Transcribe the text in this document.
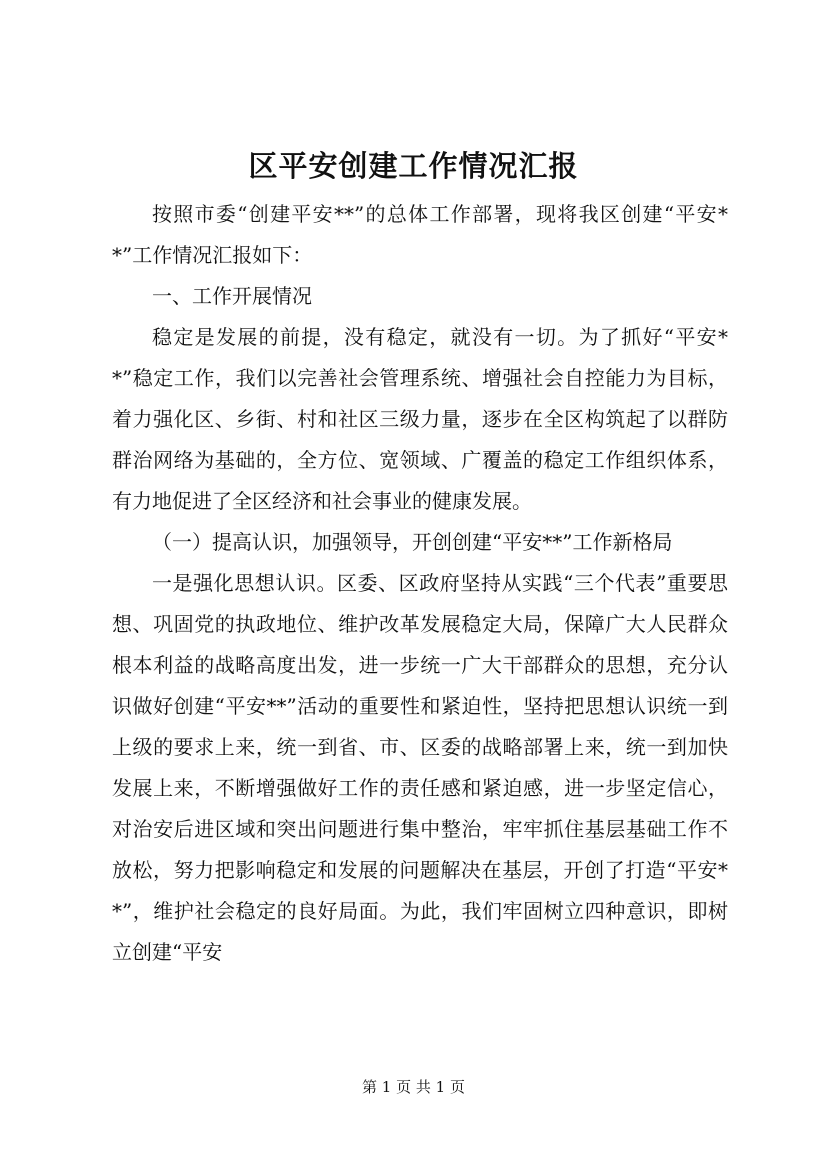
区平安创建工作情况汇报

按照市委“创建平安**”的总体工作部署，现将我区创建“平安**”工作情况汇报如下：

一、工作开展情况

稳定是发展的前提，没有稳定，就没有一切。为了抓好“平安**”稳定工作，我们以完善社会管理系统、增强社会自控能力为目标，着力强化区、乡街、村和社区三级力量，逐步在全区构筑起了以群防群治网络为基础的，全方位、宽领域、广覆盖的稳定工作组织体系，有力地促进了全区经济和社会事业的健康发展。

（一）提高认识，加强领导，开创创建“平安**”工作新格局

一是强化思想认识。区委、区政府坚持从实践“三个代表”重要思想、巩固党的执政地位、维护改革发展稳定大局，保障广大人民群众根本利益的战略高度出发，进一步统一广大干部群众的思想，充分认识做好创建“平安**”活动的重要性和紧迫性，坚持把思想认识统一到上级的要求上来，统一到省、市、区委的战略部署上来，统一到加快发展上来，不断增强做好工作的责任感和紧迫感，进一步坚定信心，对治安后进区域和突出问题进行集中整治，牢牢抓住基层基础工作不放松，努力把影响稳定和发展的问题解决在基层，开创了打造“平安**”，维护社会稳定的良好局面。为此，我们牢固树立四种意识，即树立创建“平安

第 1 页 共 1 页
